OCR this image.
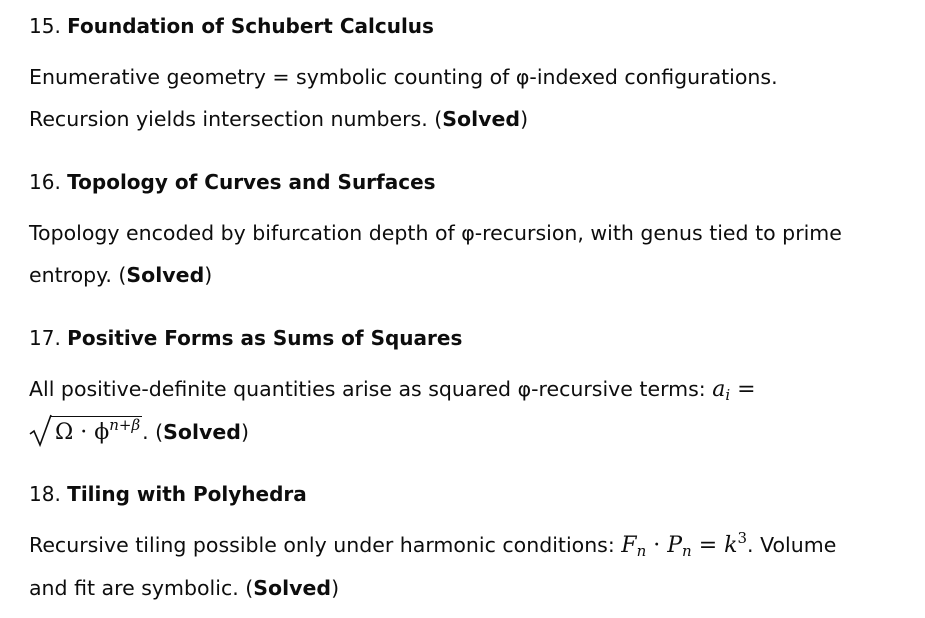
15. Foundation of Schubert Calculus

Enumerative geometry = symbolic counting of φ-indexed configurations.

Recursion yields intersection numbers. (Solved)

16. Topology of Curves and Surfaces

Topology encoded by bifurcation depth of φ-recursion, with genus tied to prime

entropy. (Solved)

17. Positive Forms as Sums of Squares

All positive-definite quantities arise as squared φ-recursive terms: $a_i$ =

$\Omega \cdot \phi^{n+\beta}$. (Solved)

18. Tiling with Polyhedra

Recursive tiling possible only under harmonic conditions: $F_n \cdot P_n = k^3$. Volume

and fit are symbolic. (Solved)
